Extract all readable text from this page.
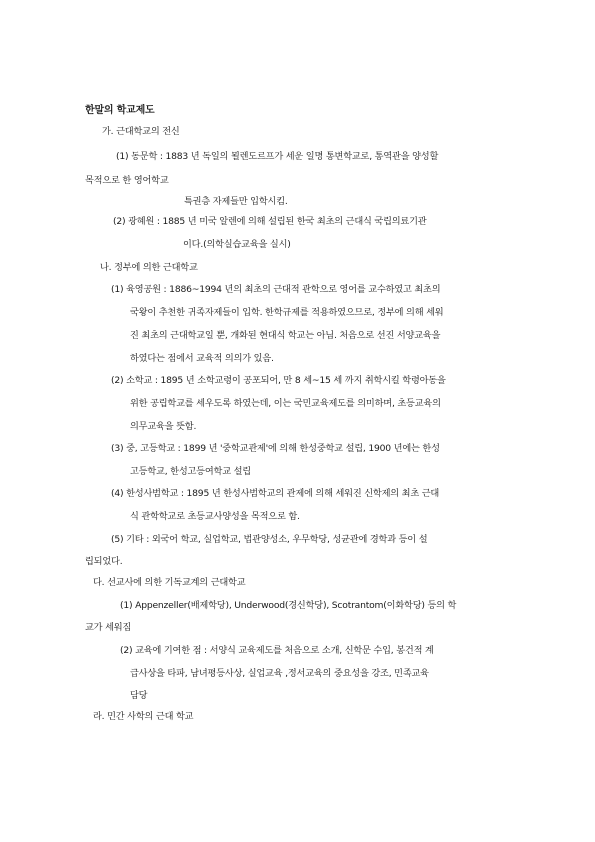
한말의 학교제도
가. 근대학교의 전신
(1) 동문학 : 1883 년 독일의 묄렌도르프가 세운 일명 통변학교로, 통역관을 양성할
목적으로 한 영어학교
특권층 자제들만 입학시킴.
(2) 광혜원 : 1885 년 미국 알렌에 의해 설립된 한국 최초의 근대식 국립의료기관
이다.(의학실습교육을 실시)
나. 정부에 의한 근대학교
(1) 육영공원 : 1886~1994 년의 최초의 근대적 관학으로 영어를 교수하였고 최초의
국왕이 추천한 귀족자제들이 입학. 한학규제를 적용하였으므로, 정부에 의해 세워
진 최초의 근대학교일 뿐, 개화된 현대식 학교는 아님. 처음으로 선진 서양교육을
하였다는 점에서 교육적 의의가 있음.
(2) 소학교 : 1895 년 소학교령이 공포되어, 만 8 세~15 세 까지 취학시킬 학령아동을
위한 공립학교를 세우도록 하였는데, 이는 국민교육제도를 의미하며, 초등교육의
의무교육을 뜻함.
(3) 중, 고등학교 : 1899 년 '중학교관제'에 의해 한성중학교 설립, 1900 년에는 한성
고등학교, 한성고등여학교 설립
(4) 한성사범학교 : 1895 년 한성사범학교의 관제에 의해 세워진 신학제의 최초 근대
식 관학학교로 초등교사양성을 목적으로 함.
(5) 기타 : 외국어 학교, 실업학교, 법관양성소, 우무학당, 성균관에 경학과 등이 설
립되었다.
다. 선교사에 의한 기독교계의 근대학교
(1) Appenzeller(배제학당), Underwood(경신학당), Scotrantom(이화학당) 등의 학
교가 세워짐
(2) 교육에 기여한 점 : 서양식 교육제도를 처음으로 소개, 신학문 수입, 봉건적 계
급사상을 타파, 남녀평등사상, 실업교육 ,정서교육의 중요성을 강조, 민족교육
담당
라. 민간 사학의 근대 학교
